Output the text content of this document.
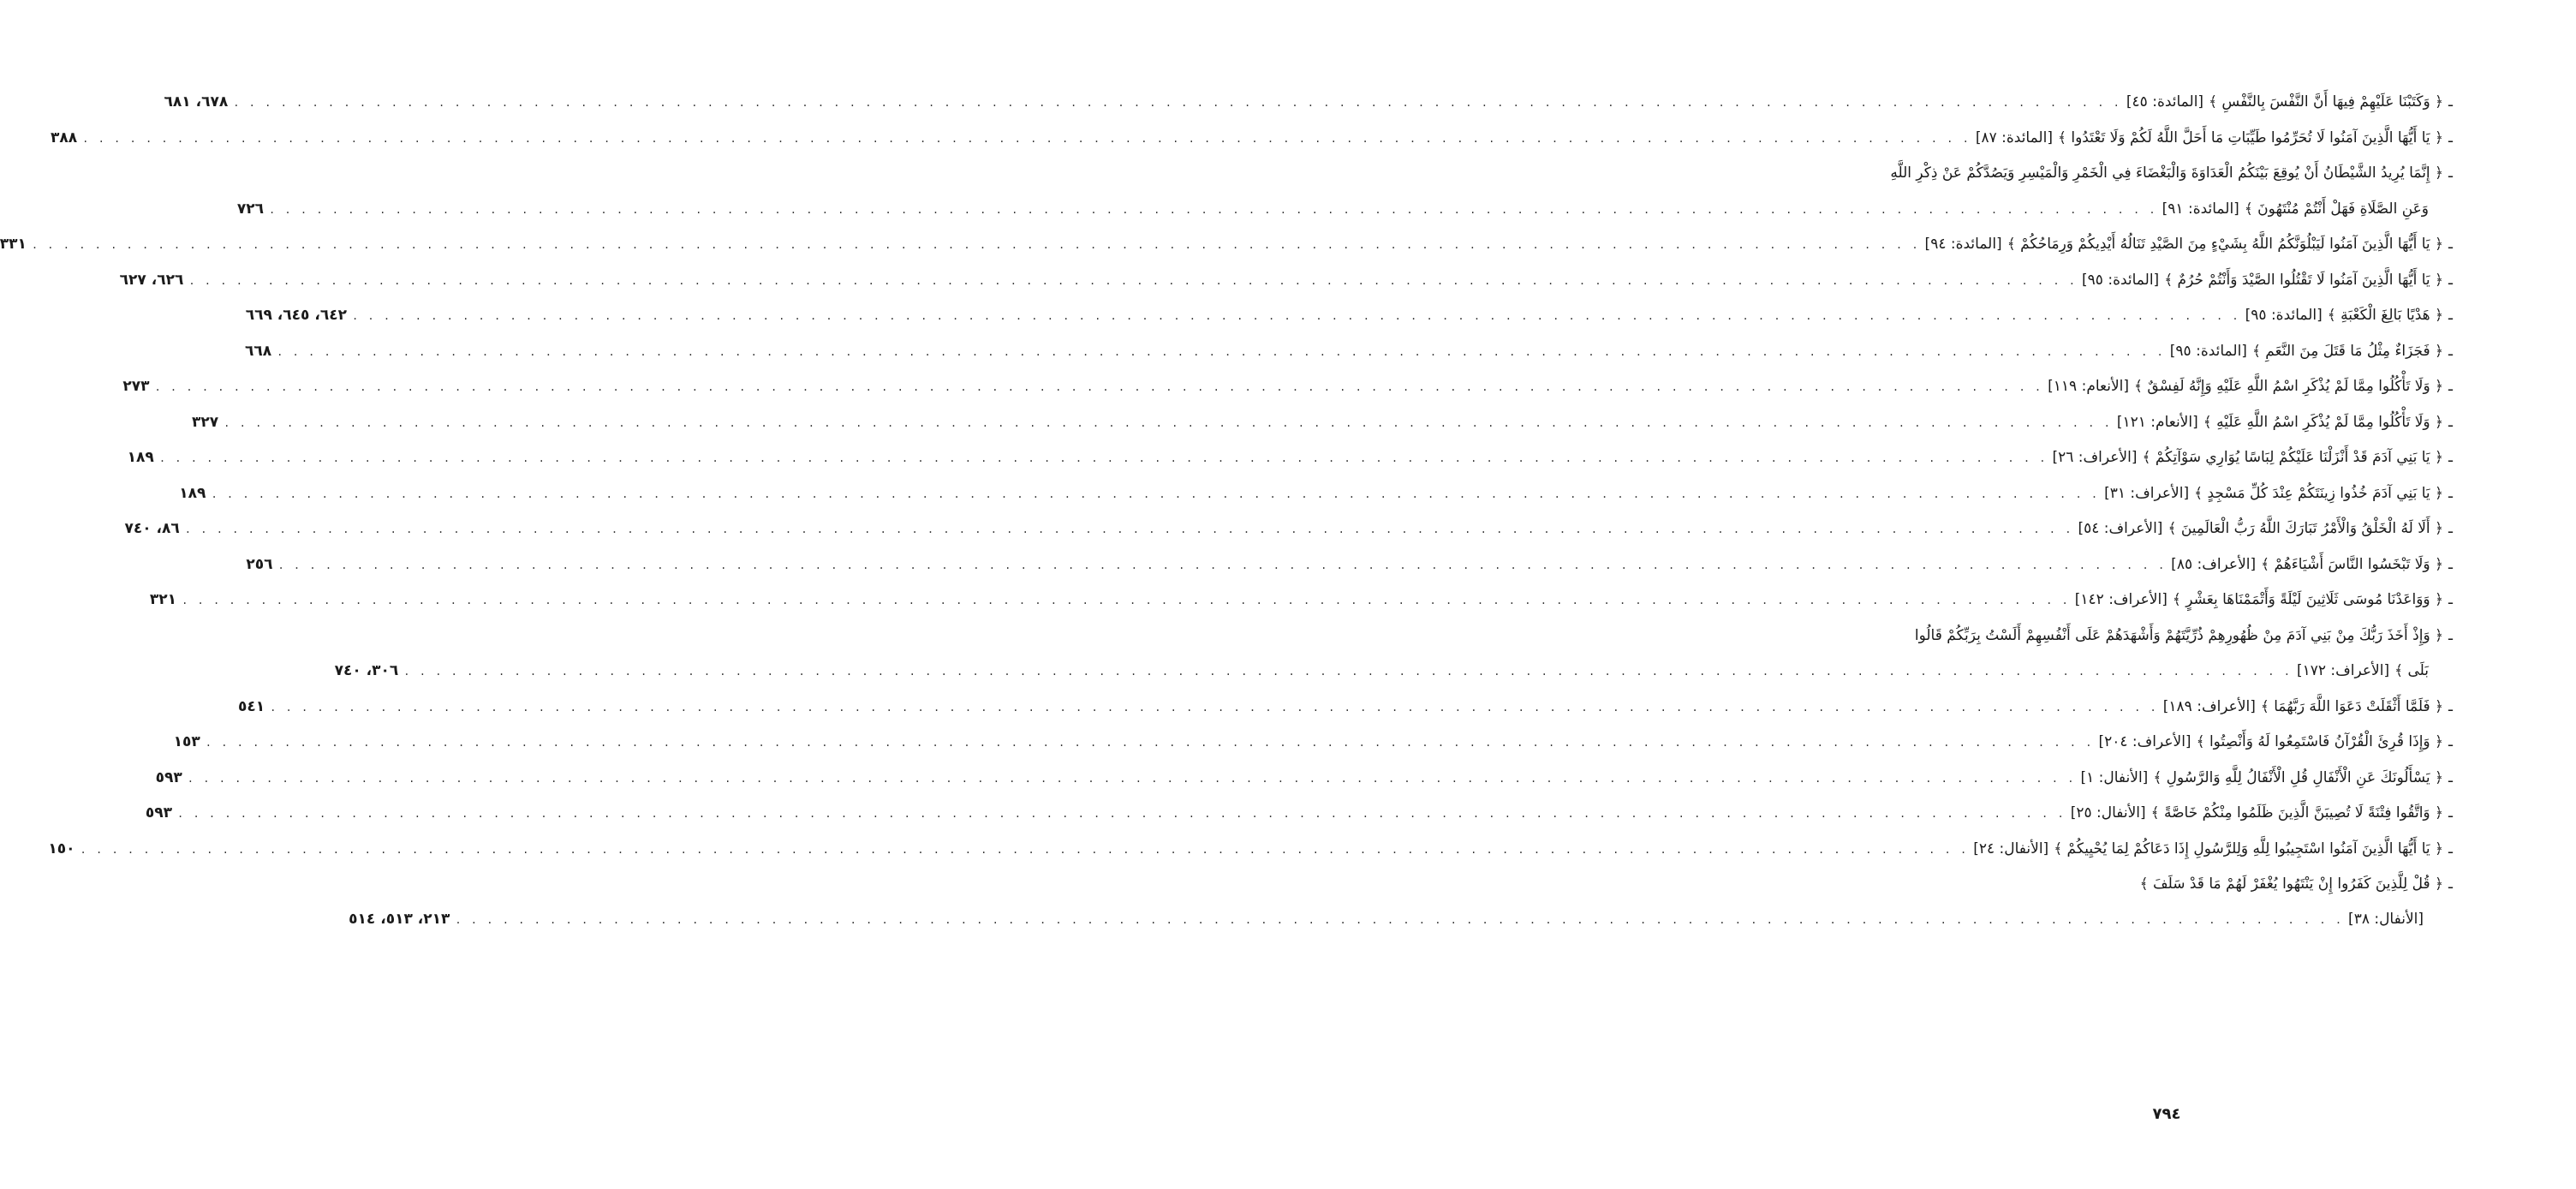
ـ
﴿ وَكَتَبْنَا عَلَيْهِمْ فِيهَا أَنَّ النَّفْسَ بِالنَّفْسِ ﴾
[المائدة: ٤٥]
. . .
٦٧٨، ٦٨١
ـ
﴿ يَا أَيُّهَا الَّذِينَ آمَنُوا لَا تُحَرِّمُوا طَيِّبَاتِ مَا أَحَلَّ اللَّهُ لَكُمْ وَلَا تَعْتَدُوا ﴾
[المائدة: ٨٧]
. . .
٣٨٨
ـ
﴿ إِنَّمَا يُرِيدُ الشَّيْطَانُ أَنْ يُوقِعَ بَيْنَكُمُ الْعَدَاوَةَ وَالْبَغْضَاءَ فِي الْخَمْرِ وَالْمَيْسِرِ وَيَصُدَّكُمْ عَنْ ذِكْرِ اللَّهِ
وَعَنِ الصَّلَاةِ فَهَلْ أَنْتُمْ مُنْتَهُونَ ﴾
[المائدة: ٩١]
. . .
٧٢٦
ـ
﴿ يَا أَيُّهَا الَّذِينَ آمَنُوا لَيَبْلُوَنَّكُمُ اللَّهُ بِشَيْءٍ مِنَ الصَّيْدِ تَنَالُهُ أَيْدِيكُمْ وَرِمَاحُكُمْ ﴾
[المائدة: ٩٤]
. . .
٣٣١
ـ
﴿ يَا أَيُّهَا الَّذِينَ آمَنُوا لَا تَقْتُلُوا الصَّيْدَ وَأَنْتُمْ حُرُمٌ ﴾
[المائدة: ٩٥]
. . .
٦٢٦، ٦٢٧
ـ
﴿ هَدْيًا بَالِغَ الْكَعْبَةِ ﴾
[المائدة: ٩٥]
. . .
٦٤٢، ٦٤٥، ٦٦٩
ـ
﴿ فَجَزَاءٌ مِثْلُ مَا قَتَلَ مِنَ النَّعَمِ ﴾
[المائدة: ٩٥]
. . .
٦٦٨
ـ
﴿ وَلَا تَأْكُلُوا مِمَّا لَمْ يُذْكَرِ اسْمُ اللَّهِ عَلَيْهِ وَإِنَّهُ لَفِسْقٌ ﴾
[الأنعام: ١١٩]
. . .
٢٧٣
ـ
﴿ وَلَا تَأْكُلُوا مِمَّا لَمْ يُذْكَرِ اسْمُ اللَّهِ عَلَيْهِ ﴾
[الأنعام: ١٢١]
. . .
٣٢٧
ـ
﴿ يَا بَنِي آدَمَ قَدْ أَنْزَلْنَا عَلَيْكُمْ لِبَاسًا يُوَارِي سَوْآتِكُمْ ﴾
[الأعراف: ٢٦]
. . .
١٨٩
ـ
﴿ يَا بَنِي آدَمَ خُذُوا زِينَتَكُمْ عِنْدَ كُلِّ مَسْجِدٍ ﴾
[الأعراف: ٣١]
. . .
١٨٩
ـ
﴿ أَلَا لَهُ الْخَلْقُ وَالْأَمْرُ تَبَارَكَ اللَّهُ رَبُّ الْعَالَمِينَ ﴾
[الأعراف: ٥٤]
. . .
٨٦، ٧٤٠
ـ
﴿ وَلَا تَبْخَسُوا النَّاسَ أَشْيَاءَهُمْ ﴾
[الأعراف: ٨٥]
. . .
٢٥٦
ـ
﴿ وَوَاعَدْنَا مُوسَى ثَلَاثِينَ لَيْلَةً وَأَتْمَمْنَاهَا بِعَشْرٍ ﴾
[الأعراف: ١٤٢]
. . .
٣٢١
ـ
﴿ وَإِذْ أَخَذَ رَبُّكَ مِنْ بَنِي آدَمَ مِنْ ظُهُورِهِمْ ذُرِّيَّتَهُمْ وَأَشْهَدَهُمْ عَلَى أَنْفُسِهِمْ أَلَسْتُ بِرَبِّكُمْ قَالُوا
بَلَى ﴾
[الأعراف: ١٧٢]
. . .
٣٠٦، ٧٤٠
ـ
﴿ فَلَمَّا أَثْقَلَتْ دَعَوَا اللَّهَ رَبَّهُمَا ﴾
[الأعراف: ١٨٩]
. . .
٥٤١
ـ
﴿ وَإِذَا قُرِئَ الْقُرْآنُ فَاسْتَمِعُوا لَهُ وَأَنْصِتُوا ﴾
[الأعراف: ٢٠٤]
. . .
١٥٣
ـ
﴿ يَسْأَلُونَكَ عَنِ الْأَنْفَالِ قُلِ الْأَنْفَالُ لِلَّهِ وَالرَّسُولِ ﴾
[الأنفال: ١]
. . .
٥٩٣
ـ
﴿ وَاتَّقُوا فِتْنَةً لَا تُصِيبَنَّ الَّذِينَ ظَلَمُوا مِنْكُمْ خَاصَّةً ﴾
[الأنفال: ٢٥]
. . .
٥٩٣
ـ
﴿ يَا أَيُّهَا الَّذِينَ آمَنُوا اسْتَجِيبُوا لِلَّهِ وَلِلرَّسُولِ إِذَا دَعَاكُمْ لِمَا يُحْيِيكُمْ ﴾
[الأنفال: ٢٤]
. . .
١٥٠
ـ
﴿ قُلْ لِلَّذِينَ كَفَرُوا إِنْ يَنْتَهُوا يُغْفَرْ لَهُمْ مَا قَدْ سَلَفَ ﴾
[الأنفال: ٣٨]
. . .
٢١٣، ٥١٣، ٥١٤
٧٩٤
